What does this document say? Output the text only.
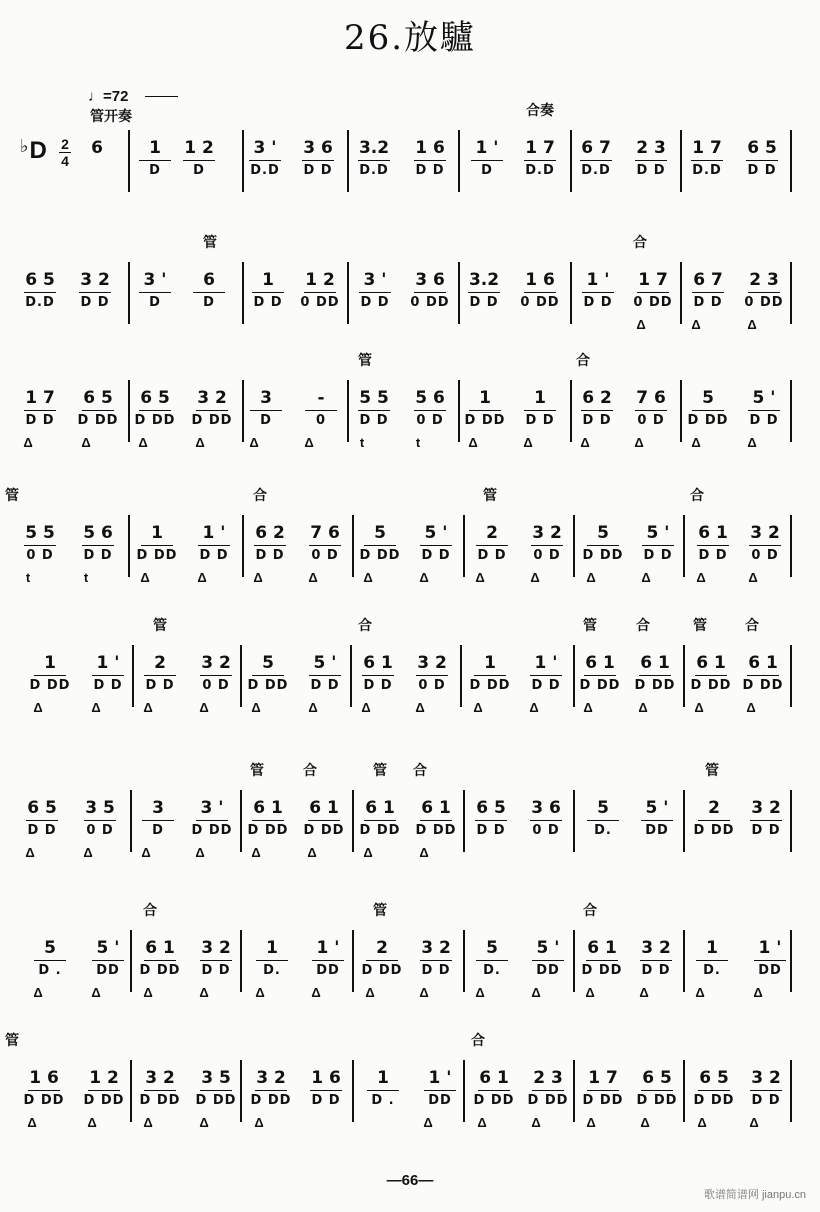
26.放驢
♩=72
管开奏
♭D 2
4
合奏
6	1
D
1 2
D
3 '
D.D
3 6
D D
3.2
D.D
1 6
D D
1 '
D
1 7
D.D
6 7
D.D
2 3
D D
1 7
D.D
6 5
D D
管	合
6 5
D.D
3 2
D D
3 '
D
6
D
1
D D
1 2
0 DD
3 '
D D
3 6
0 DD
3.2
D D
1 6
0 DD
1 '
D D
1 7
0 DD
Δ
6 7
D D
Δ
2 3
0 DD
Δ
管	合
1 7
D D
Δ
6 5
D DD
Δ
6 5
D DD
Δ
3 2
D DD
Δ
3
D
Δ
-
0
Δ
5 5
D D
t
5 6
0 D
t
1
D DD
Δ
1
D D
Δ
6 2
D D
Δ
7 6
0 D
Δ
5
D DD
Δ
5 '
D D
Δ
管	合	管	合
5 5
0 D
t
5 6
D D
t
1
D DD
Δ
1 '
D D
Δ
6 2
D D
Δ
7 6
0 D
Δ
5
D DD
Δ
5 '
D D
Δ
2
D D
Δ
3 2
0 D
Δ
5
D DD
Δ
5 '
D D
Δ
6 1
D D
Δ
3 2
0 D
Δ
管	合	管	合	管	合
1
D DD
Δ
1 '
D D
Δ
2
D D
Δ
3 2
0 D
Δ
5
D DD
Δ
5 '
D D
Δ
6 1
D D
Δ
3 2
0 D
Δ
1
D DD
Δ
1 '
D D
Δ
6 1
D DD
Δ
6 1
D DD
Δ
6 1
D DD
Δ
6 1
D DD
Δ
管	合	管 合	管
6 5
D D
Δ
3 5
0 D
Δ
3
D
Δ
3 '
D DD
Δ
6 1
D DD
Δ
6 1
D DD
Δ
6 1
D DD
Δ
6 1
D DD
Δ
6 5
D D
3 6
0 D
5
D.
5 '
DD
2
D DD
3 2
D D
合	管	合
5
D .
Δ
5 '
DD
Δ
6 1
D DD
Δ
3 2
D D
Δ
1
D.
Δ
1 '
DD
Δ
2
D DD
Δ
3 2
D D
Δ
5
D.
Δ
5 '
DD
Δ
6 1
D DD
Δ
3 2
D D
Δ
1
D.
Δ
1 '
DD
Δ
管	合
1 6
D DD
Δ
1 2
D DD
Δ
3 2
D DD
Δ
3 5
D DD
Δ
3 2
D DD
Δ
1 6
D D
1
D .
1 '
DD
Δ
6 1
D DD
Δ
2 3
D DD
Δ
1 7
D DD
Δ
6 5
D DD
Δ
6 5
D DD
Δ
3 2
D D
Δ
—66—
歌谱简谱网 jianpu.cn
